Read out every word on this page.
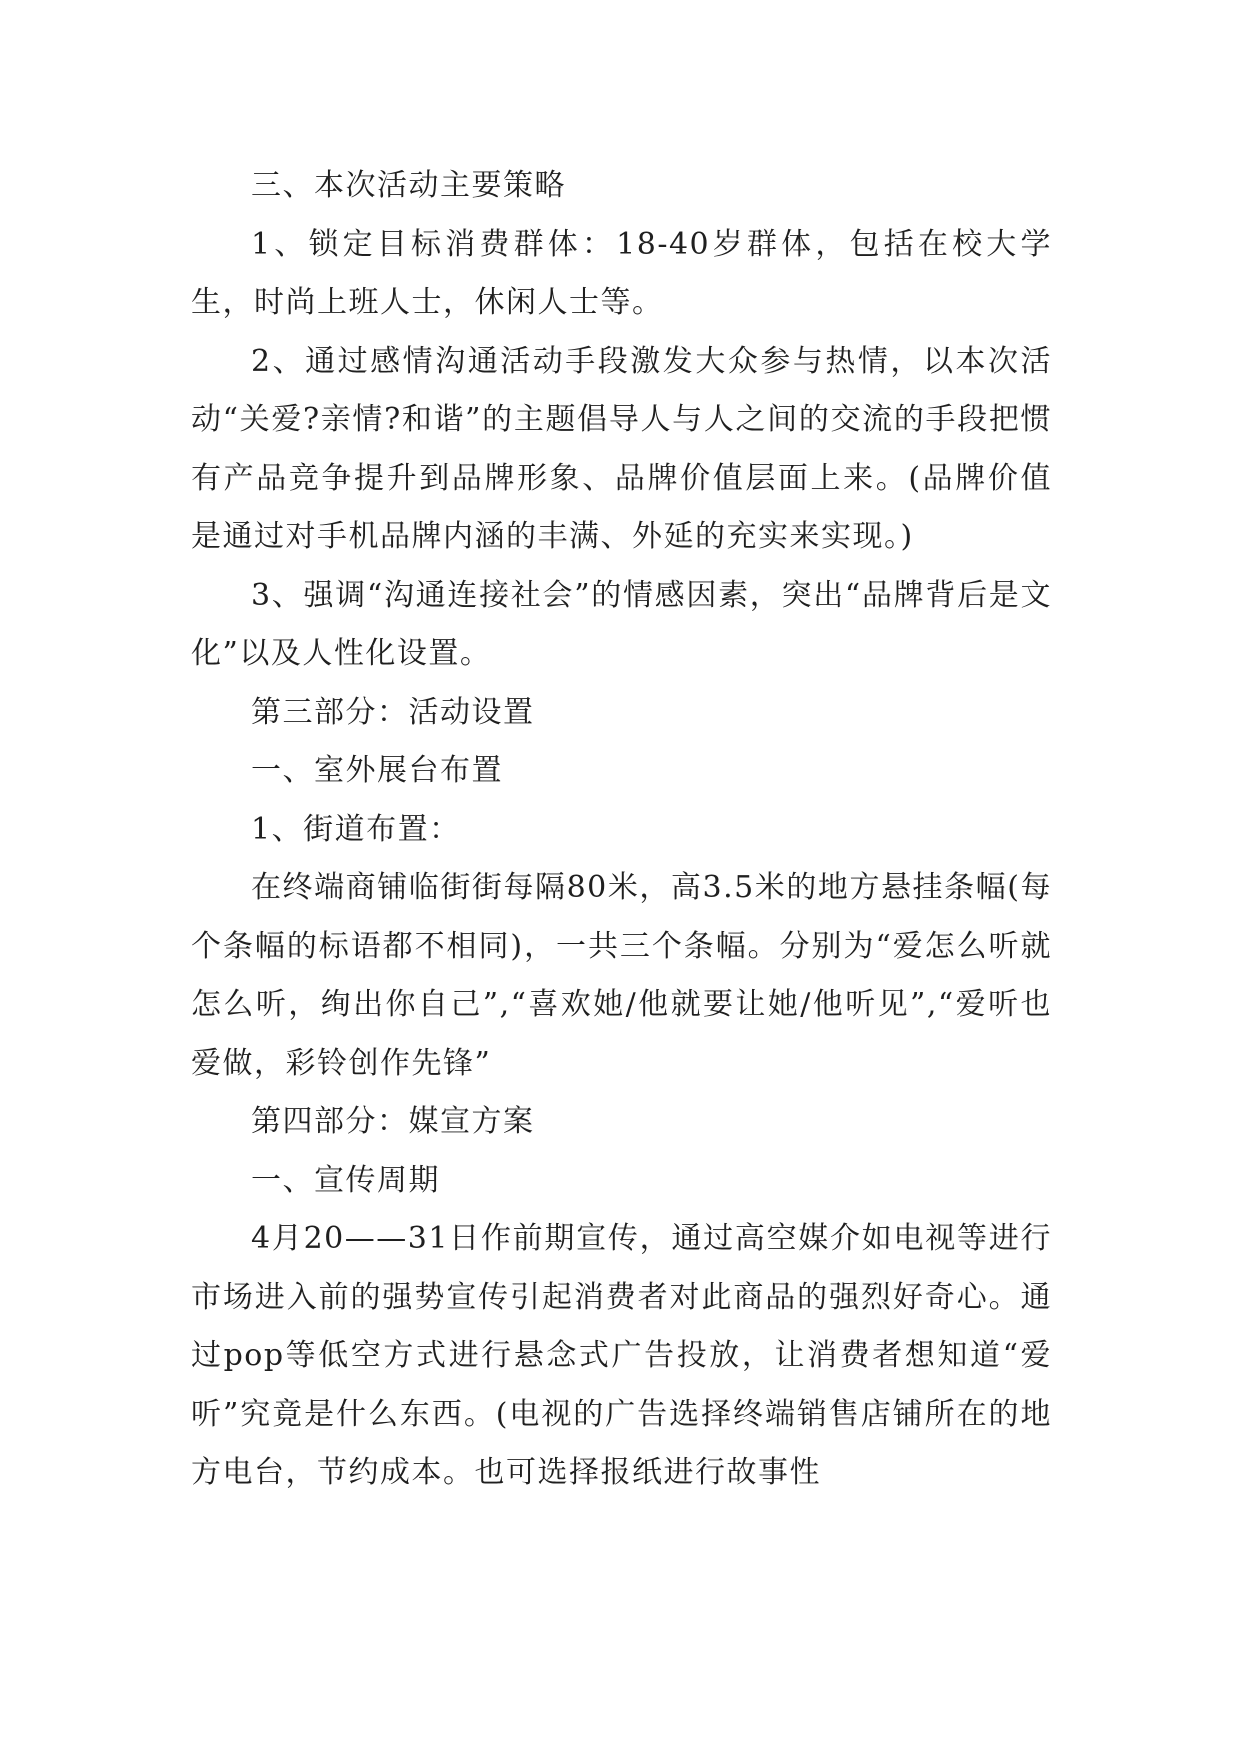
三、本次活动主要策略

1、锁定目标消费群体：18-40岁群体，包括在校大学生，时尚上班人士，休闲人士等。

2、通过感情沟通活动手段激发大众参与热情，以本次活动“关爱?亲情?和谐”的主题倡导人与人之间的交流的手段把惯有产品竞争提升到品牌形象、品牌价值层面上来。(品牌价值是通过对手机品牌内涵的丰满、外延的充实来实现。)

3、强调“沟通连接社会”的情感因素，突出“品牌背后是文化”以及人性化设置。

第三部分：活动设置

一、室外展台布置

1、街道布置：

在终端商铺临街街每隔80米，高3.5米的地方悬挂条幅(每个条幅的标语都不相同)，一共三个条幅。分别为“爱怎么听就怎么听，绚出你自己”,“喜欢她/他就要让她/他听见”,“爱听也爱做，彩铃创作先锋”

第四部分：媒宣方案

一、宣传周期

4月20——31日作前期宣传，通过高空媒介如电视等进行市场进入前的强势宣传引起消费者对此商品的强烈好奇心。通过pop等低空方式进行悬念式广告投放，让消费者想知道“爱听”究竟是什么东西。(电视的广告选择终端销售店铺所在的地方电台，节约成本。也可选择报纸进行故事性
